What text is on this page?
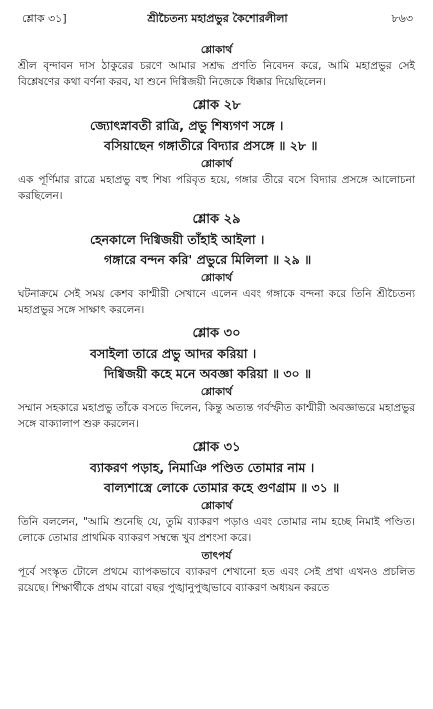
শ্লোক ৩১]	শ্রীচৈতন্য মহাপ্রভুর কৈশোরলীলা	৮৬৩

শ্লোকার্থ

শ্রীল বৃন্দাবন দাস ঠাকুরের চরণে আমার সশ্রদ্ধ প্রণতি নিবেদন করে, আমি মহাপ্রভুর সেই বিশ্লেষণের কথা বর্ণনা করব, যা শুনে দিগ্বিজয়ী নিজেকে ধিক্কার দিয়েছিলেন।

শ্লোক ২৮

জ্যোৎস্নাবতী রাত্রি, প্রভু শিষ্যগণ সঙ্গে ।

বসিয়াছেন গঙ্গাতীরে বিদ্যার প্রসঙ্গে ॥ ২৮ ॥

শ্লোকার্থ

এক পূর্ণিমার রাত্রে মহাপ্রভু বহু শিষ্য পরিবৃত হয়ে, গঙ্গার তীরে বসে বিদ্যার প্রসঙ্গে আলোচনা করছিলেন।

শ্লোক ২৯

হেনকালে দিগ্বিজয়ী তাঁহাই আইলা ।

গঙ্গারে বন্দন করি' প্রভুরে মিলিলা ॥ ২৯ ॥

শ্লোকার্থ

ঘটনাক্রমে সেই সময় কেশব কাশ্মীরী সেখানে এলেন এবং গঙ্গাকে বন্দনা করে তিনি শ্রীচৈতন্য মহাপ্রভুর সঙ্গে সাক্ষাৎ করলেন।

শ্লোক ৩০

বসাইলা তারে প্রভু আদর করিয়া ।

দিগ্বিজয়ী কহে মনে অবজ্ঞা করিয়া ॥ ৩০ ॥

শ্লোকার্থ

সম্মান সহকারে মহাপ্রভু তাঁকে বসতে দিলেন, কিন্তু অত্যন্ত গর্বস্ফীত কাশ্মীরী অবজ্ঞাভরে মহাপ্রভুর সঙ্গে বাক্যালাপ শুরু করলেন।

শ্লোক ৩১

ব্যাকরণ পড়াহ, নিমাঞি পণ্ডিত তোমার নাম ।

বাল্যশাস্ত্রে লোকে তোমার কহে গুণগ্রাম ॥ ৩১ ॥

শ্লোকার্থ

তিনি বললেন, "আমি শুনেছি যে, তুমি ব্যাকরণ পড়াও এবং তোমার নাম হচ্ছে নিমাই পণ্ডিত। লোকে তোমার প্রাথমিক ব্যাকরণ সম্বন্ধে খুব প্রশংসা করে।

তাৎপর্য

পূর্বে সংস্কৃত টোলে প্রথমে ব্যাপকভাবে ব্যাকরণ শেখানো হত এবং সেই প্রথা এখনও প্রচলিত রয়েছে। শিক্ষার্থীকে প্রথম বারো বছর পুঙ্খানুপুঙ্খভাবে ব্যাকরণ অধ্যয়ন করতে
